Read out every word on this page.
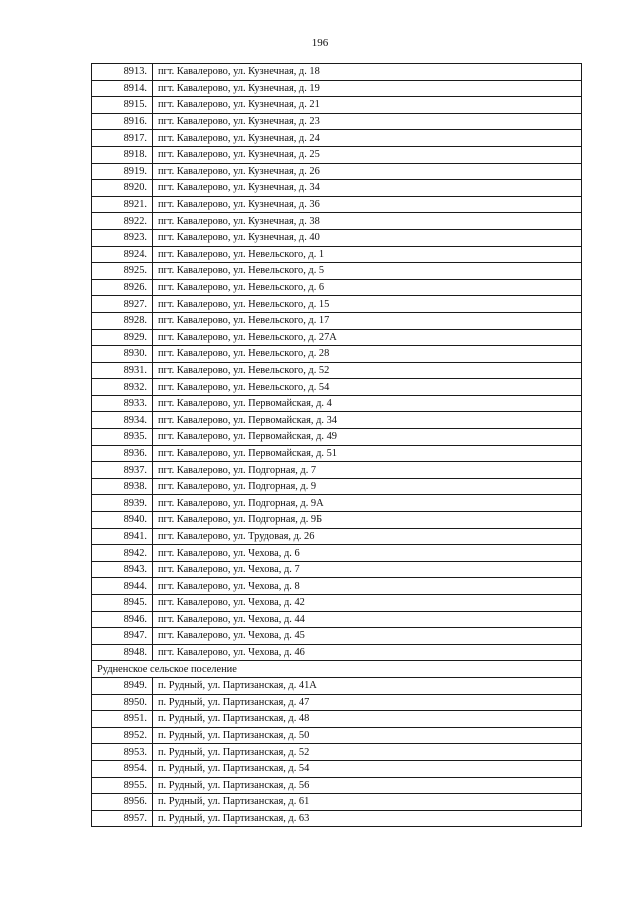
196
8913.	пгт. Кавалерово, ул. Кузнечная, д. 18
8914.	пгт. Кавалерово, ул. Кузнечная, д. 19
8915.	пгт. Кавалерово, ул. Кузнечная, д. 21
8916.	пгт. Кавалерово, ул. Кузнечная, д. 23
8917.	пгт. Кавалерово, ул. Кузнечная, д. 24
8918.	пгт. Кавалерово, ул. Кузнечная, д. 25
8919.	пгт. Кавалерово, ул. Кузнечная, д. 26
8920.	пгт. Кавалерово, ул. Кузнечная, д. 34
8921.	пгт. Кавалерово, ул. Кузнечная, д. 36
8922.	пгт. Кавалерово, ул. Кузнечная, д. 38
8923.	пгт. Кавалерово, ул. Кузнечная, д. 40
8924.	пгт. Кавалерово, ул. Невельского, д. 1
8925.	пгт. Кавалерово, ул. Невельского, д. 5
8926.	пгт. Кавалерово, ул. Невельского, д. 6
8927.	пгт. Кавалерово, ул. Невельского, д. 15
8928.	пгт. Кавалерово, ул. Невельского, д. 17
8929.	пгт. Кавалерово, ул. Невельского, д. 27А
8930.	пгт. Кавалерово, ул. Невельского, д. 28
8931.	пгт. Кавалерово, ул. Невельского, д. 52
8932.	пгт. Кавалерово, ул. Невельского, д. 54
8933.	пгт. Кавалерово, ул. Первомайская, д. 4
8934.	пгт. Кавалерово, ул. Первомайская, д. 34
8935.	пгт. Кавалерово, ул. Первомайская, д. 49
8936.	пгт. Кавалерово, ул. Первомайская, д. 51
8937.	пгт. Кавалерово, ул. Подгорная, д. 7
8938.	пгт. Кавалерово, ул. Подгорная, д. 9
8939.	пгт. Кавалерово, ул. Подгорная, д. 9А
8940.	пгт. Кавалерово, ул. Подгорная, д. 9Б
8941.	пгт. Кавалерово, ул. Трудовая, д. 26
8942.	пгт. Кавалерово, ул. Чехова, д. 6
8943.	пгт. Кавалерово, ул. Чехова, д. 7
8944.	пгт. Кавалерово, ул. Чехова, д. 8
8945.	пгт. Кавалерово, ул. Чехова, д. 42
8946.	пгт. Кавалерово, ул. Чехова, д. 44
8947.	пгт. Кавалерово, ул. Чехова, д. 45
8948.	пгт. Кавалерово, ул. Чехова, д. 46
Рудненское сельское поселение	
8949.	п. Рудный, ул. Партизанская, д. 41А
8950.	п. Рудный, ул. Партизанская, д. 47
8951.	п. Рудный, ул. Партизанская, д. 48
8952.	п. Рудный, ул. Партизанская, д. 50
8953.	п. Рудный, ул. Партизанская, д. 52
8954.	п. Рудный, ул. Партизанская, д. 54
8955.	п. Рудный, ул. Партизанская, д. 56
8956.	п. Рудный, ул. Партизанская, д. 61
8957.	п. Рудный, ул. Партизанская, д. 63
